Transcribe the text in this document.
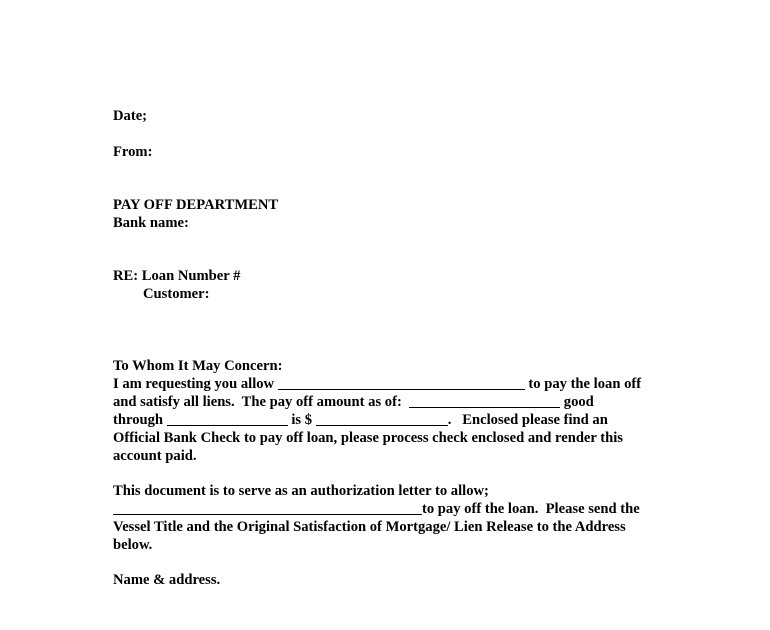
Date;

From:

PAY OFF DEPARTMENT

Bank name:

RE: Loan Number #

Customer:

To Whom It May Concern:

I am requesting you allow	to pay the loan off

and satisfy all liens.  The pay off amount as of:	good

through	is $	.   Enclosed please find an

Official Bank Check to pay off loan, please process check enclosed and render this

account paid.

This document is to serve as an authorization letter to allow;

to pay off the loan.  Please send the

Vessel Title and the Original Satisfaction of Mortgage/ Lien Release to the Address

below.

Name & address.
